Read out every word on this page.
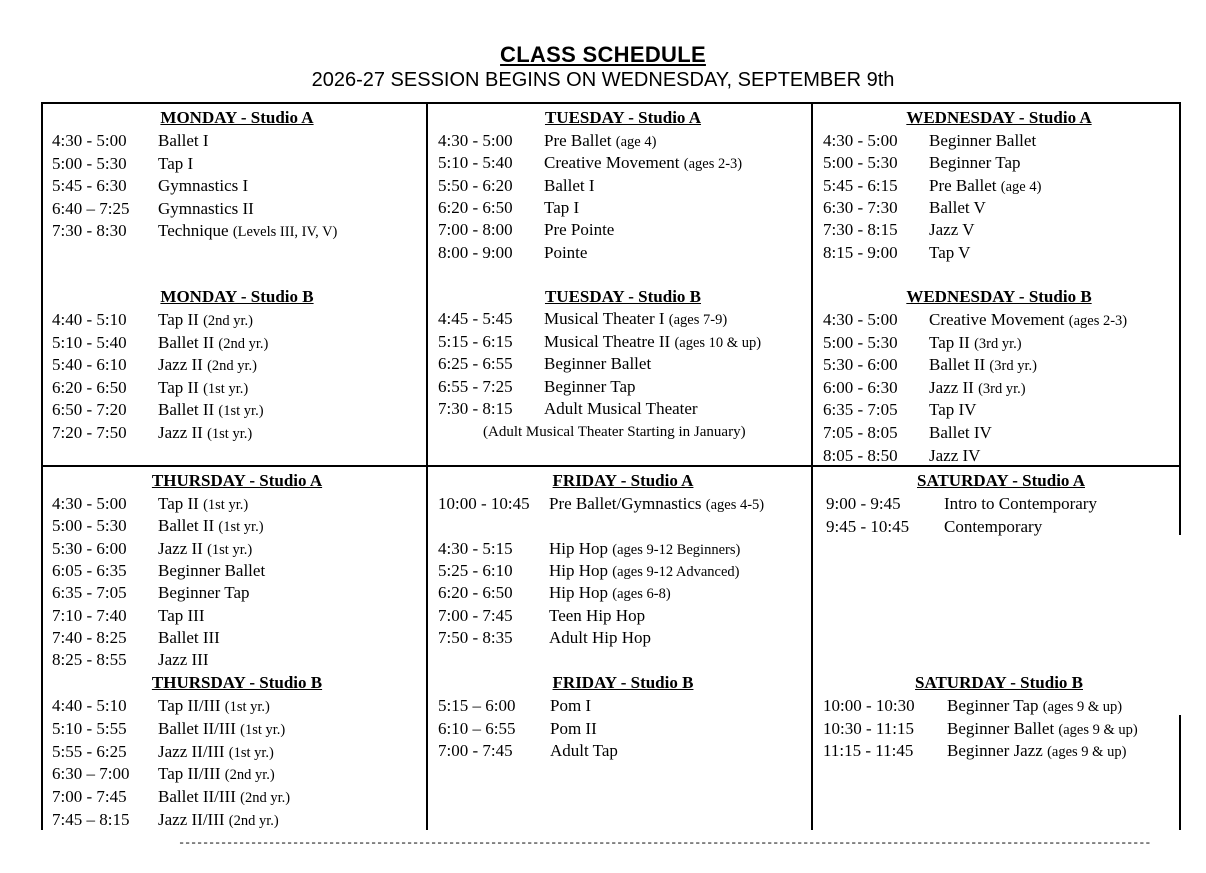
CLASS SCHEDULE
2026-27 SESSION BEGINS ON WEDNESDAY, SEPTEMBER 9th
MONDAY - Studio A
4:30 - 5:00 Ballet I
5:00 - 5:30 Tap I
5:45 - 6:30 Gymnastics I
6:40 – 7:25 Gymnastics II
7:30 - 8:30 Technique (Levels III, IV, V)
TUESDAY - Studio A
4:30 - 5:00 Pre Ballet (age 4)
5:10 - 5:40 Creative Movement (ages 2-3)
5:50 - 6:20 Ballet I
6:20 - 6:50 Tap I
7:00 - 8:00 Pre Pointe
8:00 - 9:00 Pointe
WEDNESDAY - Studio A
4:30 - 5:00 Beginner Ballet
5:00 - 5:30 Beginner Tap
5:45 - 6:15 Pre Ballet (age 4)
6:30 - 7:30 Ballet V
7:30 - 8:15 Jazz V
8:15 - 9:00 Tap V
MONDAY - Studio B
4:40 - 5:10 Tap II (2nd yr.)
5:10 - 5:40 Ballet II (2nd yr.)
5:40 - 6:10 Jazz II (2nd yr.)
6:20 - 6:50 Tap II (1st yr.)
6:50 - 7:20 Ballet II (1st yr.)
7:20 - 7:50 Jazz II (1st yr.)
TUESDAY - Studio B
4:45 - 5:45 Musical Theater I (ages 7-9)
5:15 - 6:15 Musical Theatre II (ages 10 & up)
6:25 - 6:55 Beginner Ballet
6:55 - 7:25 Beginner Tap
7:30 - 8:15 Adult Musical Theater
(Adult Musical Theater Starting in January)
WEDNESDAY - Studio B
4:30 - 5:00 Creative Movement (ages 2-3)
5:00 - 5:30 Tap II (3rd yr.)
5:30 - 6:00 Ballet II (3rd yr.)
6:00 - 6:30 Jazz II (3rd yr.)
6:35 - 7:05 Tap IV
7:05 - 8:05 Ballet IV
8:05 - 8:50 Jazz IV
THURSDAY - Studio A
4:30 - 5:00 Tap II (1st yr.)
5:00 - 5:30 Ballet II (1st yr.)
5:30 - 6:00 Jazz II (1st yr.)
6:05 - 6:35 Beginner Ballet
6:35 - 7:05 Beginner Tap
7:10 - 7:40 Tap III
7:40 - 8:25 Ballet III
8:25 - 8:55 Jazz III
FRIDAY - Studio A
10:00 - 10:45 Pre Ballet/Gymnastics (ages 4-5)
4:30 - 5:15 Hip Hop (ages 9-12 Beginners)
5:25 - 6:10 Hip Hop (ages 9-12 Advanced)
6:20 - 6:50 Hip Hop (ages 6-8)
7:00 - 7:45 Teen Hip Hop
7:50 - 8:35 Adult Hip Hop
SATURDAY - Studio A
9:00 - 9:45	Intro to Contemporary
9:45 - 10:45 Contemporary
THURSDAY - Studio B
4:40 - 5:10 Tap II/III (1st yr.)
5:10 - 5:55 Ballet II/III (1st yr.)
5:55 - 6:25 Jazz II/III (1st yr.)
6:30 – 7:00 Tap II/III (2nd yr.)
7:00 - 7:45 Ballet II/III (2nd yr.)
7:45 – 8:15 Jazz II/III (2nd yr.)
FRIDAY - Studio B
5:15 – 6:00 Pom I
6:10 – 6:55 Pom II
7:00 - 7:45 Adult Tap
SATURDAY - Studio B
10:00 - 10:30 Beginner Tap (ages 9 & up)
10:30 - 11:15 Beginner Ballet (ages 9 & up)
11:15 - 11:45 Beginner Jazz (ages 9 & up)
------------------------------------------------------------------------------------------------------------------------------------------------------------------
